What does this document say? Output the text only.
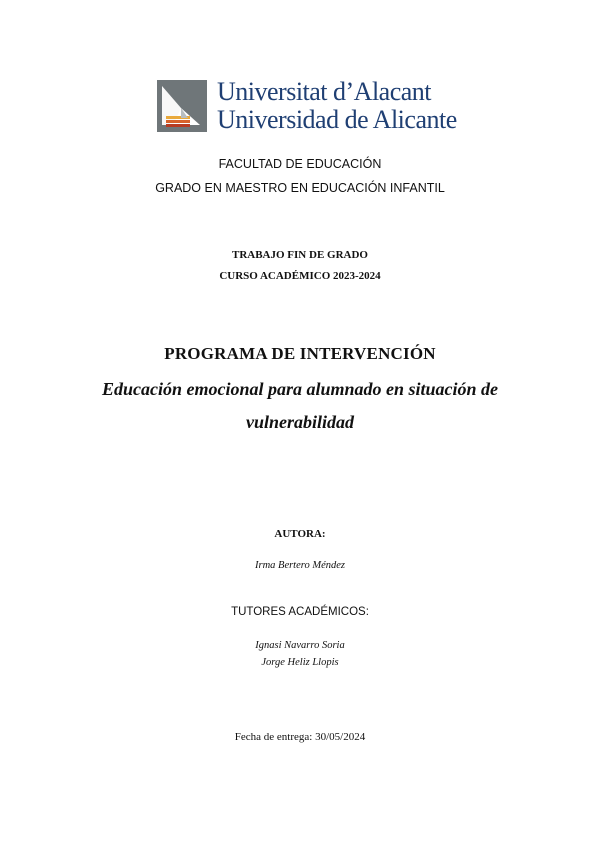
Universitat d’Alacant
Universidad de Alicante
FACULTAD DE EDUCACIÓN
GRADO EN MAESTRO EN EDUCACIÓN INFANTIL
TRABAJO FIN DE GRADO
CURSO ACADÉMICO 2023-2024
PROGRAMA DE INTERVENCIÓN
Educación emocional para alumnado en situación de
vulnerabilidad
AUTORA:
Irma Bertero Méndez
TUTORES ACADÉMICOS:
Ignasi Navarro Soria
Jorge Heliz Llopis
Fecha de entrega: 30/05/2024
